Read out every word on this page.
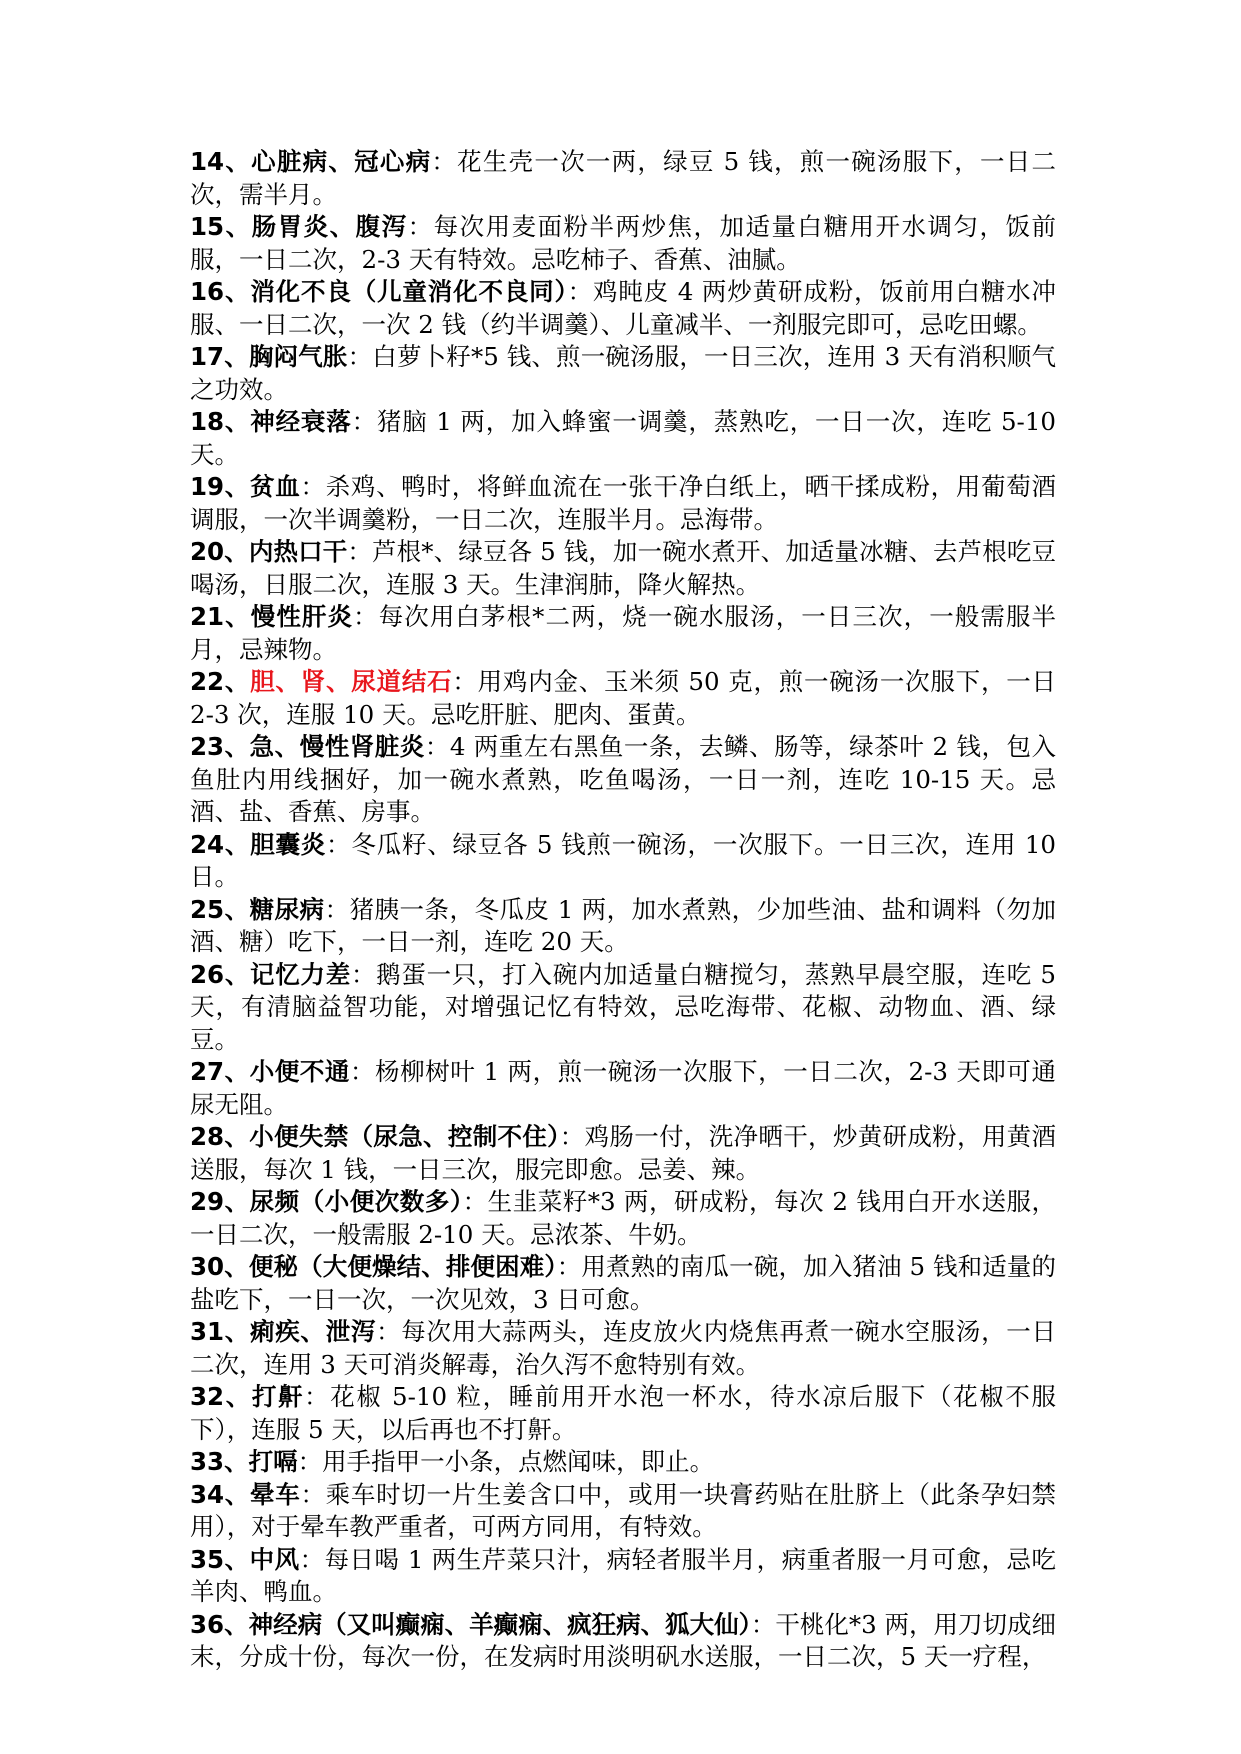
14、心脏病、冠心病：花生壳一次一两，绿豆 5 钱，煎一碗汤服下，一日二次，需半月。

15、肠胃炎、腹泻：每次用麦面粉半两炒焦，加适量白糖用开水调匀，饭前服，一日二次，2-3 天有特效。忌吃柿子、香蕉、油腻。

16、消化不良（儿童消化不良同）：鸡盹皮 4 两炒黄研成粉，饭前用白糖水冲服、一日二次，一次 2 钱（约半调羹）、儿童减半、一剂服完即可，忌吃田螺。

17、胸闷气胀：白萝卜籽*5 钱、煎一碗汤服，一日三次，连用 3 天有消积顺气之功效。

18、神经衰落：猪脑 1 两，加入蜂蜜一调羹，蒸熟吃，一日一次，连吃 5-10 天。

19、贫血：杀鸡、鸭时，将鲜血流在一张干净白纸上，晒干揉成粉，用葡萄酒调服，一次半调羹粉，一日二次，连服半月。忌海带。

20、内热口干：芦根*、绿豆各 5 钱，加一碗水煮开、加适量冰糖、去芦根吃豆喝汤，日服二次，连服 3 天。生津润肺，降火解热。

21、慢性肝炎：每次用白茅根*二两，烧一碗水服汤，一日三次，一般需服半月，忌辣物。

22、胆、肾、尿道结石：用鸡内金、玉米须 50 克，煎一碗汤一次服下，一日 2-3 次，连服 10 天。忌吃肝脏、肥肉、蛋黄。

23、急、慢性肾脏炎：4 两重左右黑鱼一条，去鳞、肠等，绿茶叶 2 钱，包入鱼肚内用线捆好，加一碗水煮熟，吃鱼喝汤，一日一剂，连吃 10-15 天。忌酒、盐、香蕉、房事。

24、胆囊炎：冬瓜籽、绿豆各 5 钱煎一碗汤，一次服下。一日三次，连用 10 日。

25、糖尿病：猪胰一条，冬瓜皮 1 两，加水煮熟，少加些油、盐和调料（勿加酒、糖）吃下，一日一剂，连吃 20 天。

26、记忆力差：鹅蛋一只，打入碗内加适量白糖搅匀，蒸熟早晨空服，连吃 5 天，有清脑益智功能，对增强记忆有特效，忌吃海带、花椒、动物血、酒、绿豆。

27、小便不通：杨柳树叶 1 两，煎一碗汤一次服下，一日二次，2-3 天即可通尿无阻。

28、小便失禁（尿急、控制不住）：鸡肠一付，洗净晒干，炒黄研成粉，用黄酒送服，每次 1 钱，一日三次，服完即愈。忌姜、辣。

29、尿频（小便次数多）：生韭菜籽*3 两，研成粉，每次 2 钱用白开水送服，一日二次，一般需服 2-10 天。忌浓茶、牛奶。

30、便秘（大便燥结、排便困难）：用煮熟的南瓜一碗，加入猪油 5 钱和适量的盐吃下，一日一次，一次见效，3 日可愈。

31、痢疾、泄泻：每次用大蒜两头，连皮放火内烧焦再煮一碗水空服汤，一日二次，连用 3 天可消炎解毒，治久泻不愈特别有效。

32、打鼾：花椒 5-10 粒，睡前用开水泡一杯水，待水凉后服下（花椒不服下），连服 5 天，以后再也不打鼾。

33、打嗝：用手指甲一小条，点燃闻味，即止。

34、晕车：乘车时切一片生姜含口中，或用一块膏药贴在肚脐上（此条孕妇禁用），对于晕车教严重者，可两方同用，有特效。

35、中风：每日喝 1 两生芹菜只汁，病轻者服半月，病重者服一月可愈，忌吃羊肉、鸭血。

36、神经病（又叫癫痫、羊癫痫、疯狂病、狐大仙）：干桃化*3 两，用刀切成细末，分成十份，每次一份，在发病时用淡明矾水送服，一日二次，5 天一疗程，
